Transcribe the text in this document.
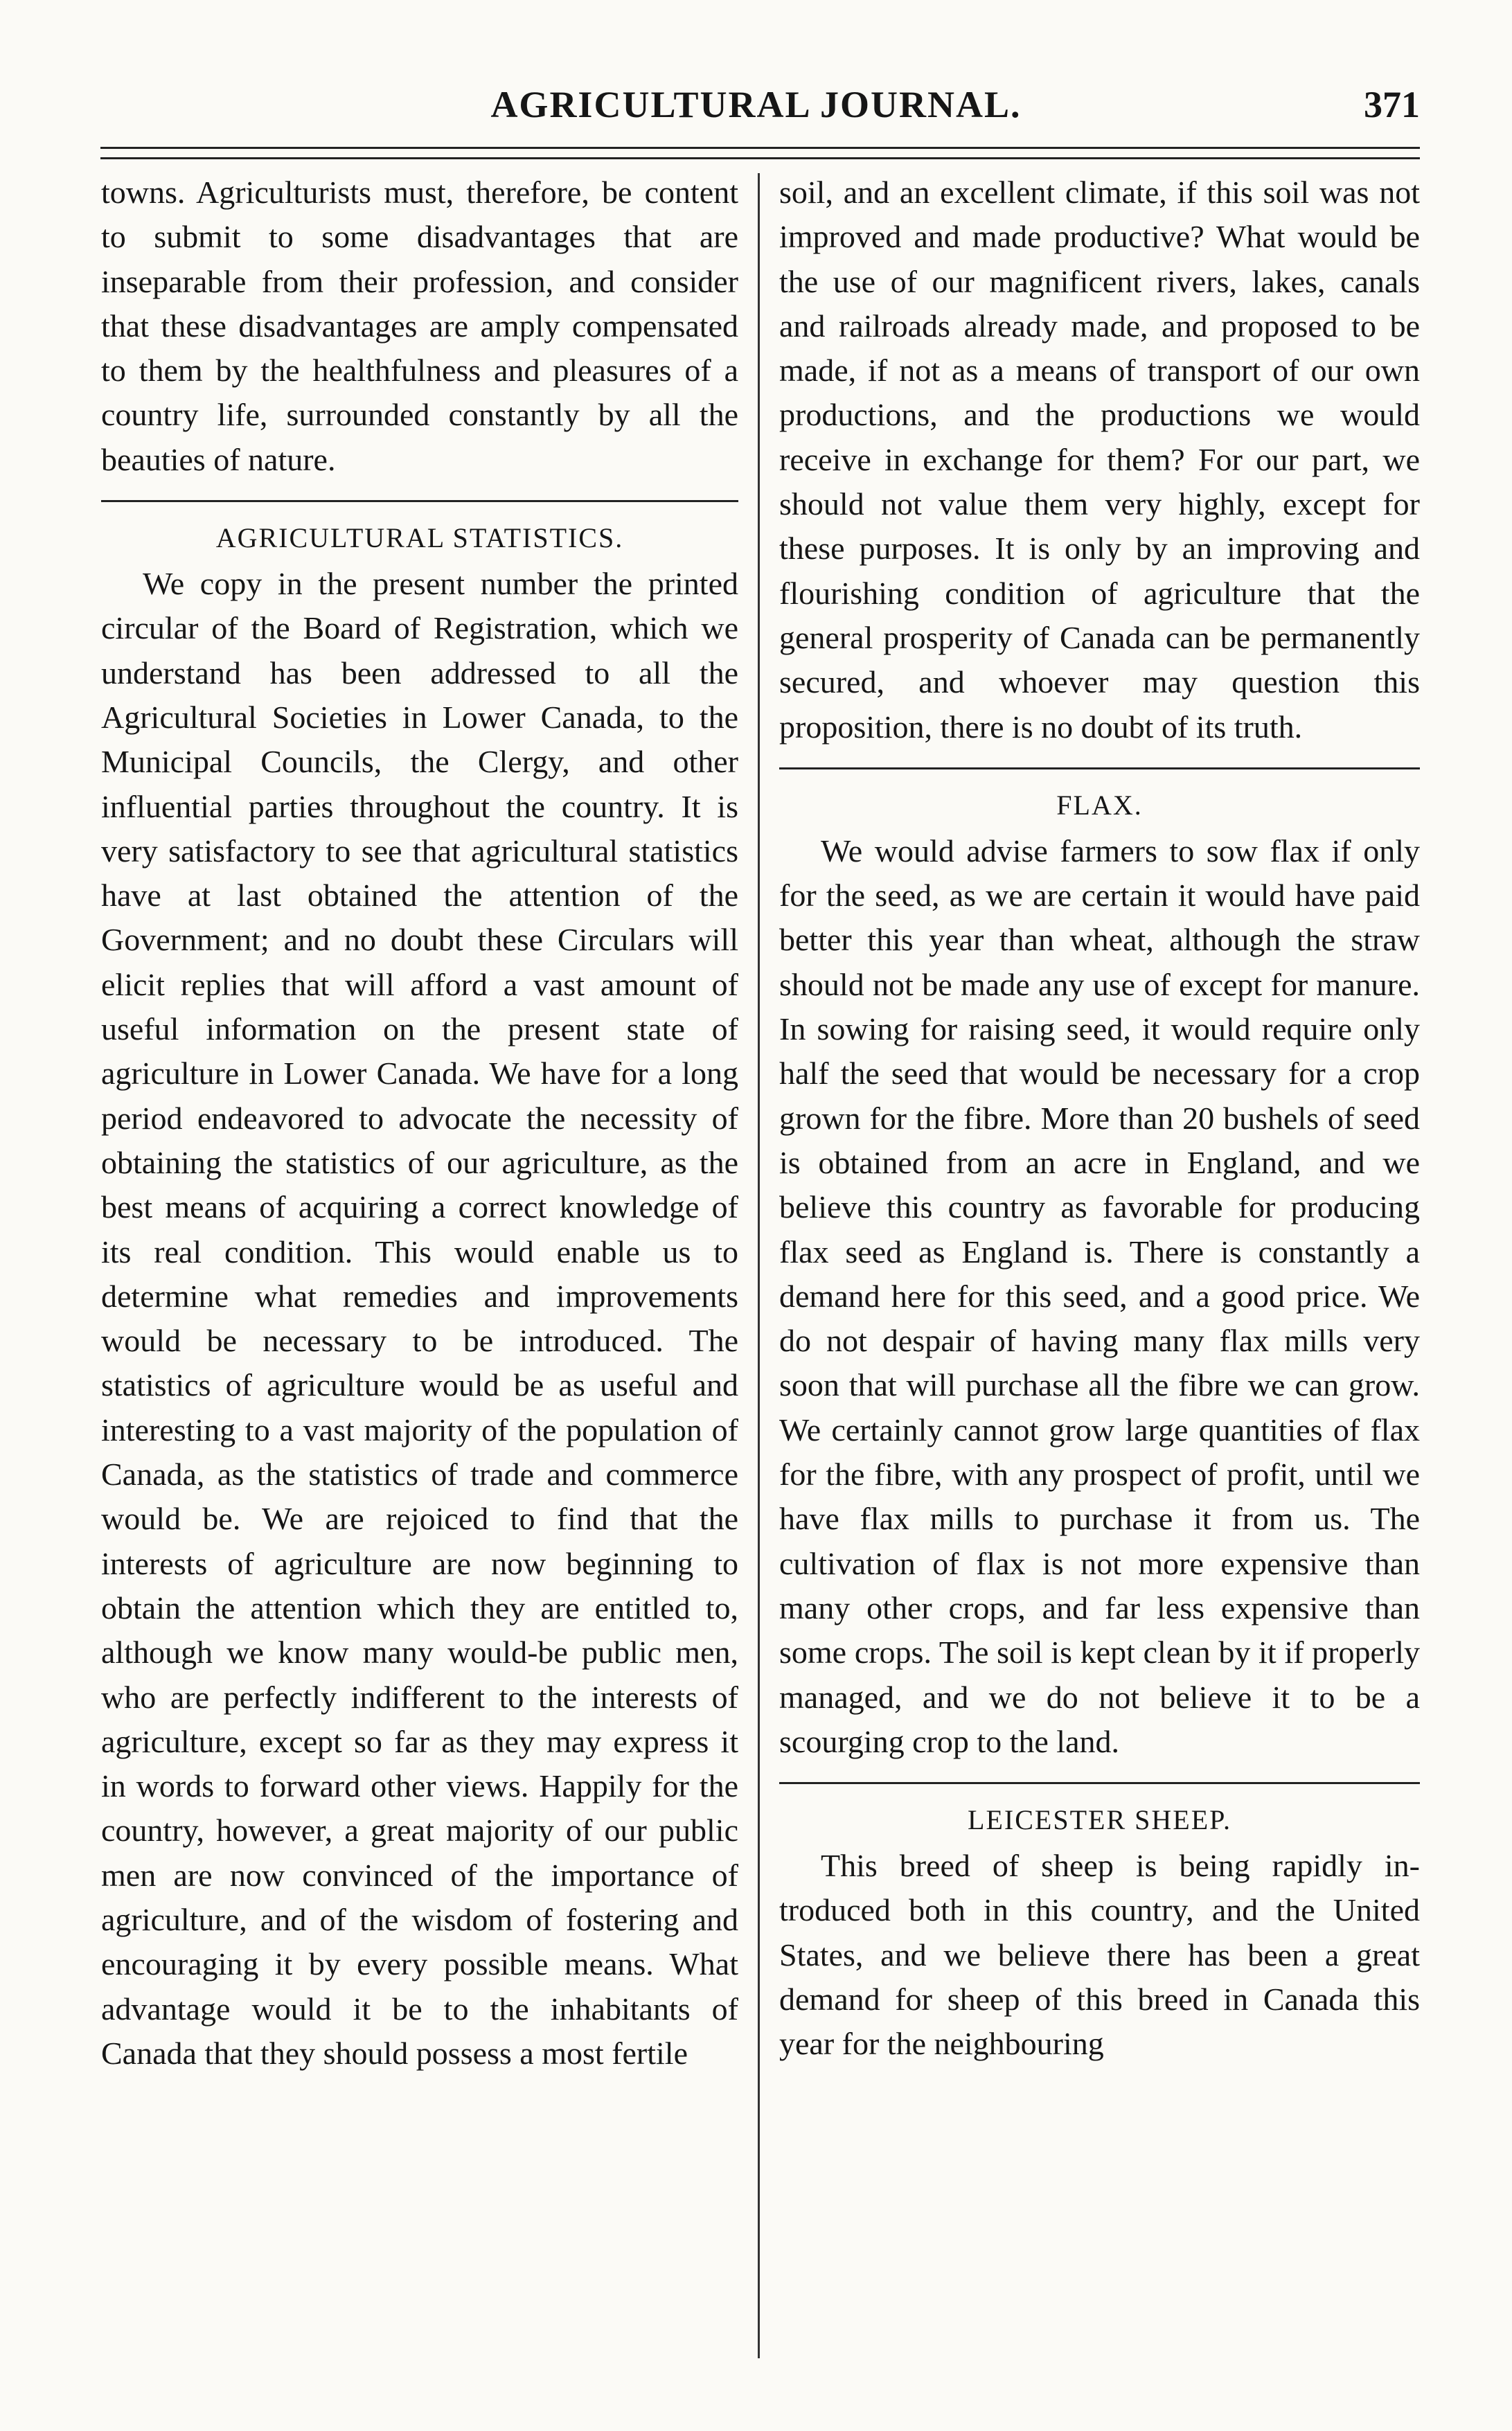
AGRICULTURAL JOURNAL.	371

towns. Agriculturists must, therefore, be content to submit to some disadvantages that are inseparable from their profession, and consider that these disadvantages are amply compensated to them by the healthfulness and pleasures of a country life, surrounded constantly by all the beauties of nature.

AGRICULTURAL STATISTICS.

We copy in the present number the printed circular of the Board of Registration, which we understand has been addressed to all the Agricultural Societies in Lower Canada, to the Municipal Councils, the Clergy, and other influential parties throughout the country. It is very satisfactory to see that agricultural statistics have at last obtained the attention of the Government; and no doubt these Circulars will elicit replies that will afford a vast amount of useful information on the present state of agriculture in Lower Canada. We have for a long period endeavored to advocate the necessity of obtaining the statistics of our agriculture, as the best means of acquiring a correct knowledge of its real condition. This would enable us to determine what remedies and improvements would be necessary to be introduced. The statistics of agriculture would be as useful and interesting to a vast majority of the population of Canada, as the statistics of trade and commerce would be. We are rejoiced to find that the interests of agriculture are now beginning to obtain the attention which they are entitled to, although we know many would-be public men, who are perfectly indifferent to the interests of agriculture, except so far as they may express it in words to forward other views. Happily for the country, however, a great majority of our public men are now convinced of the importance of agriculture, and of the wisdom of fostering and encouraging it by every possible means. What advantage would it be to the inhabitants of Canada that they should possess a most fertile

soil, and an excellent climate, if this soil was not improved and made productive? What would be the use of our magnificent rivers, lakes, canals and railroads already made, and proposed to be made, if not as a means of transport of our own productions, and the productions we would receive in exchange for them? For our part, we should not value them very highly, except for these purposes. It is only by an improving and flourishing condition of agriculture that the general prosperity of Canada can be permanently secured, and whoever may question this proposition, there is no doubt of its truth.

FLAX.

We would advise farmers to sow flax if only for the seed, as we are certain it would have paid better this year than wheat, although the straw should not be made any use of except for manure. In sowing for raising seed, it would require only half the seed that would be necessary for a crop grown for the fibre. More than 20 bushels of seed is obtained from an acre in England, and we believe this country as favorable for producing flax seed as England is. There is constantly a demand here for this seed, and a good price. We do not despair of having many flax mills very soon that will purchase all the fibre we can grow. We certainly cannot grow large quantities of flax for the fibre, with any prospect of profit, until we have flax mills to purchase it from us. The cultivation of flax is not more expensive than many other crops, and far less expensive than some crops. The soil is kept clean by it if properly managed, and we do not believe it to be a scourging crop to the land.

LEICESTER SHEEP.

This breed of sheep is being rapidly introduced both in this country, and the United States, and we believe there has been a great demand for sheep of this breed in Canada this year for the neighbouring
